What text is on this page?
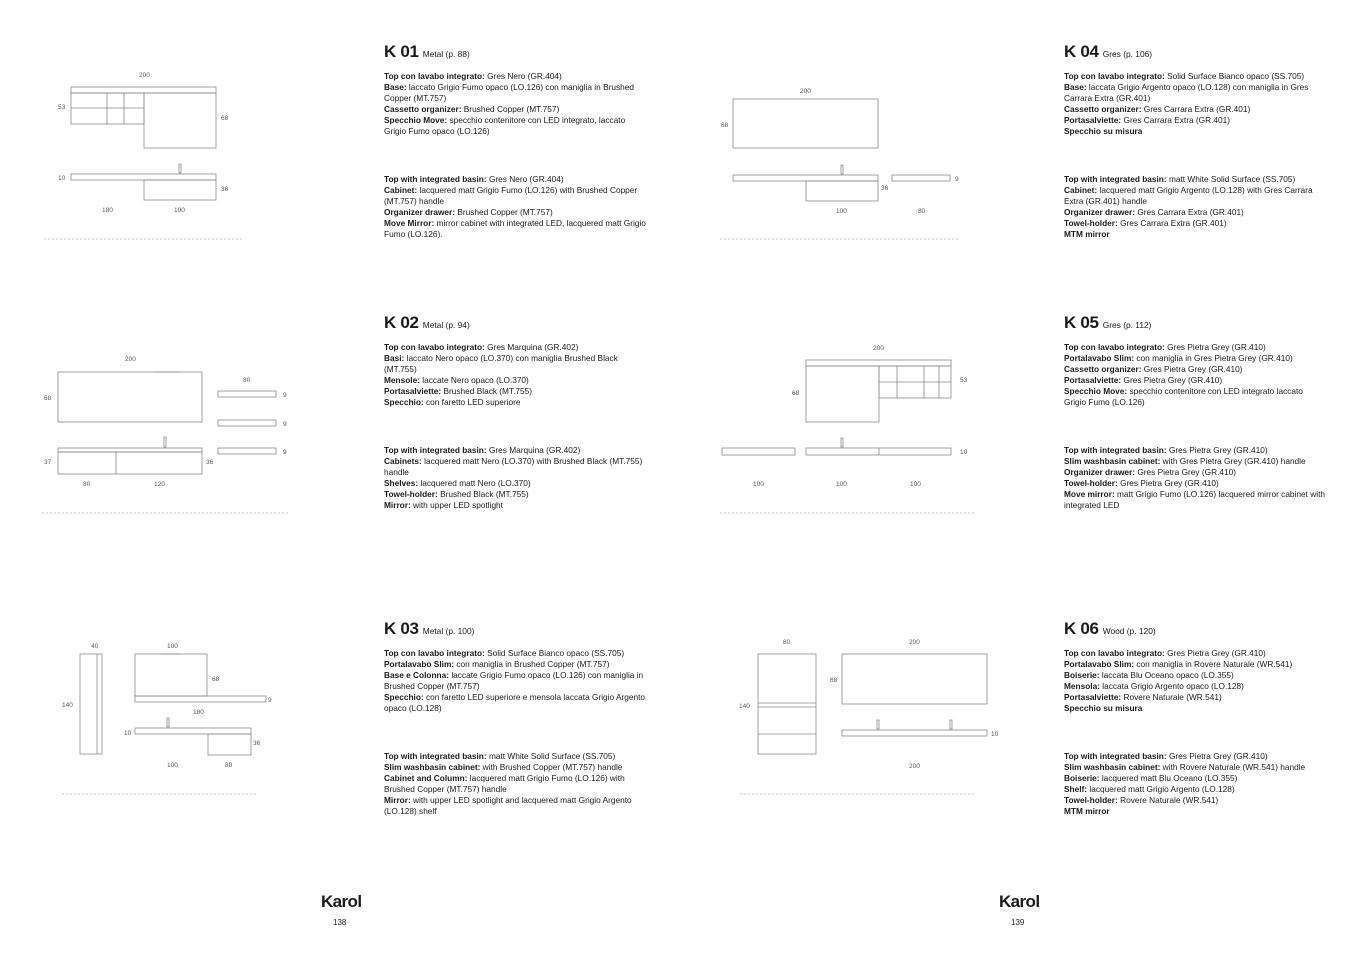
200
53
68
10
36
180	100
200
68
80
9
9
9
37	36
80	120
40	100
140
68
9
180
10
36
100	80
K 01 Metal (p. 88)

Top con lavabo integrato: Gres Nero (GR.404)

Base: laccato Grigio Fumo opaco (LO.126) con maniglia in Brushed Copper (MT.757)

Cassetto organizer: Brushed Copper (MT.757)

Specchio Move: specchio contenitore con LED integrato, laccato Grigio Fumo opaco (LO.126)

Top with integrated basin: Gres Nero (GR.404)

Cabinet: lacquered matt Grigio Fumo (LO.126) with Brushed Copper (MT.757) handle

Organizer drawer: Brushed Copper (MT.757)

Move Mirror: mirror cabinet with integrated LED, lacquered matt Grigio Fumo (LO.126).

K 02 Metal (p. 94)

Top con lavabo integrato: Gres Marquina (GR.402)

Basi: laccato Nero opaco (LO.370) con maniglia Brushed Black (MT.755)

Mensole: laccate Nero opaco (LO.370)

Portasalviette: Brushed Black (MT.755)

Specchio: con faretto LED superiore

Top with integrated basin: Gres Marquina (GR.402)

Cabinets: lacquered matt Nero (LO.370) with Brushed Black (MT.755) handle

Shelves: lacquered matt Nero (LO.370)

Towel-holder: Brushed Black (MT.755)

Mirror: with upper LED spotlight

K 03 Metal (p. 100)

Top con lavabo integrato: Solid Surface Bianco opaco (SS.705)

Portalavabo Slim: con maniglia in Brushed Copper (MT.757)

Base e Colonna: laccate Grigio Fumo opaco (LO.126) con maniglia in Brushed Copper (MT.757)

Specchio: con faretto LED superiore e mensola laccata Grigio Argento opaco (LO.128)

Top with integrated basin: matt White Solid Surface (SS.705)

Slim washbasin cabinet: with Brushed Copper (MT.757) handle

Cabinet and Column: lacquered matt Grigio Fumo (LO.126) with Brushed Copper (MT.757) handle

Mirror: with upper LED spotlight and lacquered matt Grigio Argento (LO.128) shelf

Karol
138
200
68
9
36
100	80
200
68
53
10
100	100	100
80	200
68
140
10
200
K 04 Gres (p. 106)

Top con lavabo integrato: Solid Surface Bianco opaco (SS.705)

Base: laccata Grigio Argento opaco (LO.128) con maniglia in Gres Carrara Extra (GR.401)

Cassetto organizer: Gres Carrara Extra (GR.401)

Portasalviette: Gres Carrara Extra (GR.401)

Specchio su misura

Top with integrated basin: matt White Solid Surface (SS.705)

Cabinet: lacquered matt Grigio Argento (LO.128) with Gres Carrara Extra (GR.401) handle

Organizer drawer: Gres Carrara Extra (GR.401)

Towel-holder: Gres Carrara Extra (GR.401)

MTM mirror

K 05 Gres (p. 112)

Top con lavabo integrato: Gres Pietra Grey (GR.410)

Portalavabo Slim: con maniglia in Gres Pietra Grey (GR.410)

Cassetto organizer: Gres Pietra Grey (GR.410)

Portasalviette: Gres Pietra Grey (GR.410)

Specchio Move: specchio contenitore con LED integrato laccato Grigio Fumo (LO.126)

Top with integrated basin: Gres Pietra Grey (GR.410)

Slim washbasin cabinet: with Gres Pietra Grey (GR.410) handle

Organizer drawer: Gres Pietra Grey (GR.410)

Towel-holder: Gres Pietra Grey (GR.410)

Move mirror: matt Grigio Fumo (LO.126) lacquered mirror cabinet with integrated LED

K 06 Wood (p. 120)

Top con lavabo integrato: Gres Pietra Grey (GR.410)

Portalavabo Slim: con maniglia in Rovere Naturale (WR.541)

Boiserie: laccata Blu Oceano opaco (LO.355)

Mensola: laccata Grigio Argento opaco (LO.128)

Portasalviette: Rovere Naturale (WR.541)

Specchio su misura

Top with integrated basin: Gres Pietra Grey (GR.410)

Slim washbasin cabinet: with Rovere Naturale (WR.541) handle

Boiserie: lacquered matt Blu Oceano (LO.355)

Shelf: lacquered matt Grigio Argento (LO.128)

Towel-holder: Rovere Naturale (WR.541)

MTM mirror

Karol
139
